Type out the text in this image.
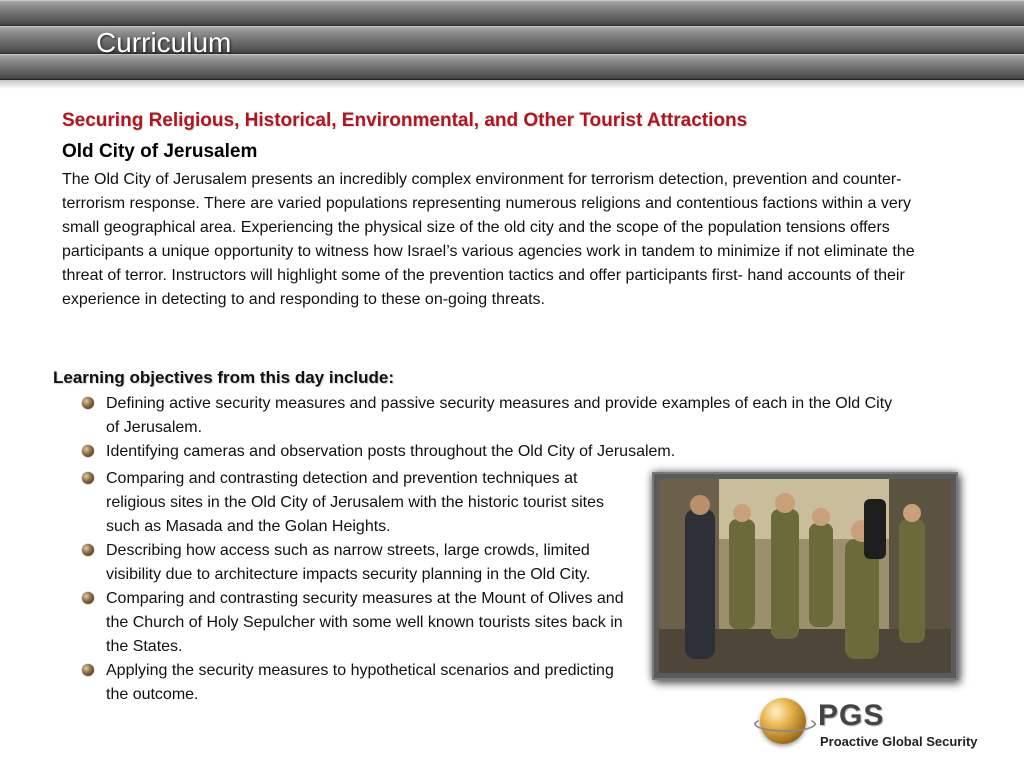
Curriculum
Securing Religious, Historical, Environmental, and Other Tourist Attractions
Old City of Jerusalem
The Old City of Jerusalem presents an incredibly complex environment for terrorism detection, prevention and counter-terrorism response. There are varied populations representing numerous religions and contentious factions within a very small geographical area. Experiencing the physical size of the old city and the scope of the population tensions offers participants a unique opportunity to witness how Israel’s various agencies work in tandem to minimize if not eliminate the threat of terror. Instructors will highlight some of the prevention tactics and offer participants first- hand accounts of their experience in detecting to and responding to these on-going threats.
Learning objectives from this day include:
Defining active security measures and passive security measures and provide examples of each in the Old City of Jerusalem.
Identifying cameras and observation posts throughout the Old City of Jerusalem.
Comparing and contrasting detection and prevention techniques at religious sites in the Old City of Jerusalem with the historic tourist sites such as Masada and the Golan Heights.
Describing how access such as narrow streets, large crowds, limited visibility due to architecture impacts security planning in the Old City.
Comparing and contrasting security measures at the Mount of Olives and the Church of Holy Sepulcher with some well known tourists sites back in the States.
Applying the security measures to hypothetical scenarios and predicting the outcome.
PGS
Proactive Global Security
